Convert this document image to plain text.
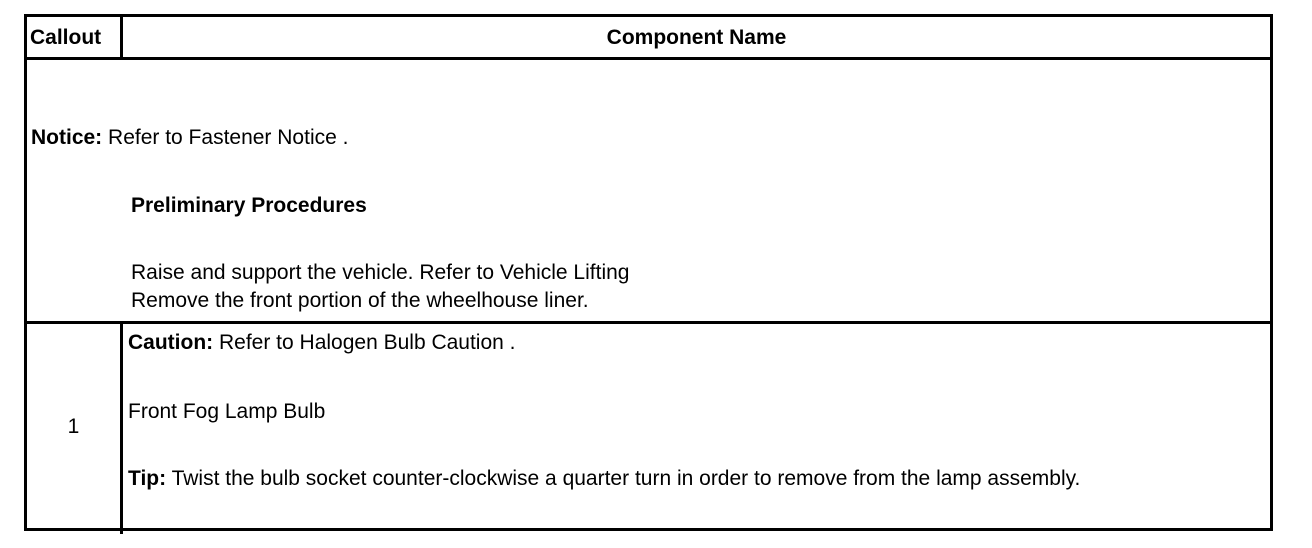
Callout	Component Name
Notice: Refer to Fastener Notice .
Preliminary Procedures
Raise and support the vehicle. Refer to Vehicle Lifting
Remove the front portion of the wheelhouse liner.
1
Caution: Refer to Halogen Bulb Caution .
Front Fog Lamp Bulb
Tip: Twist the bulb socket counter-clockwise a quarter turn in order to remove from the lamp assembly.
